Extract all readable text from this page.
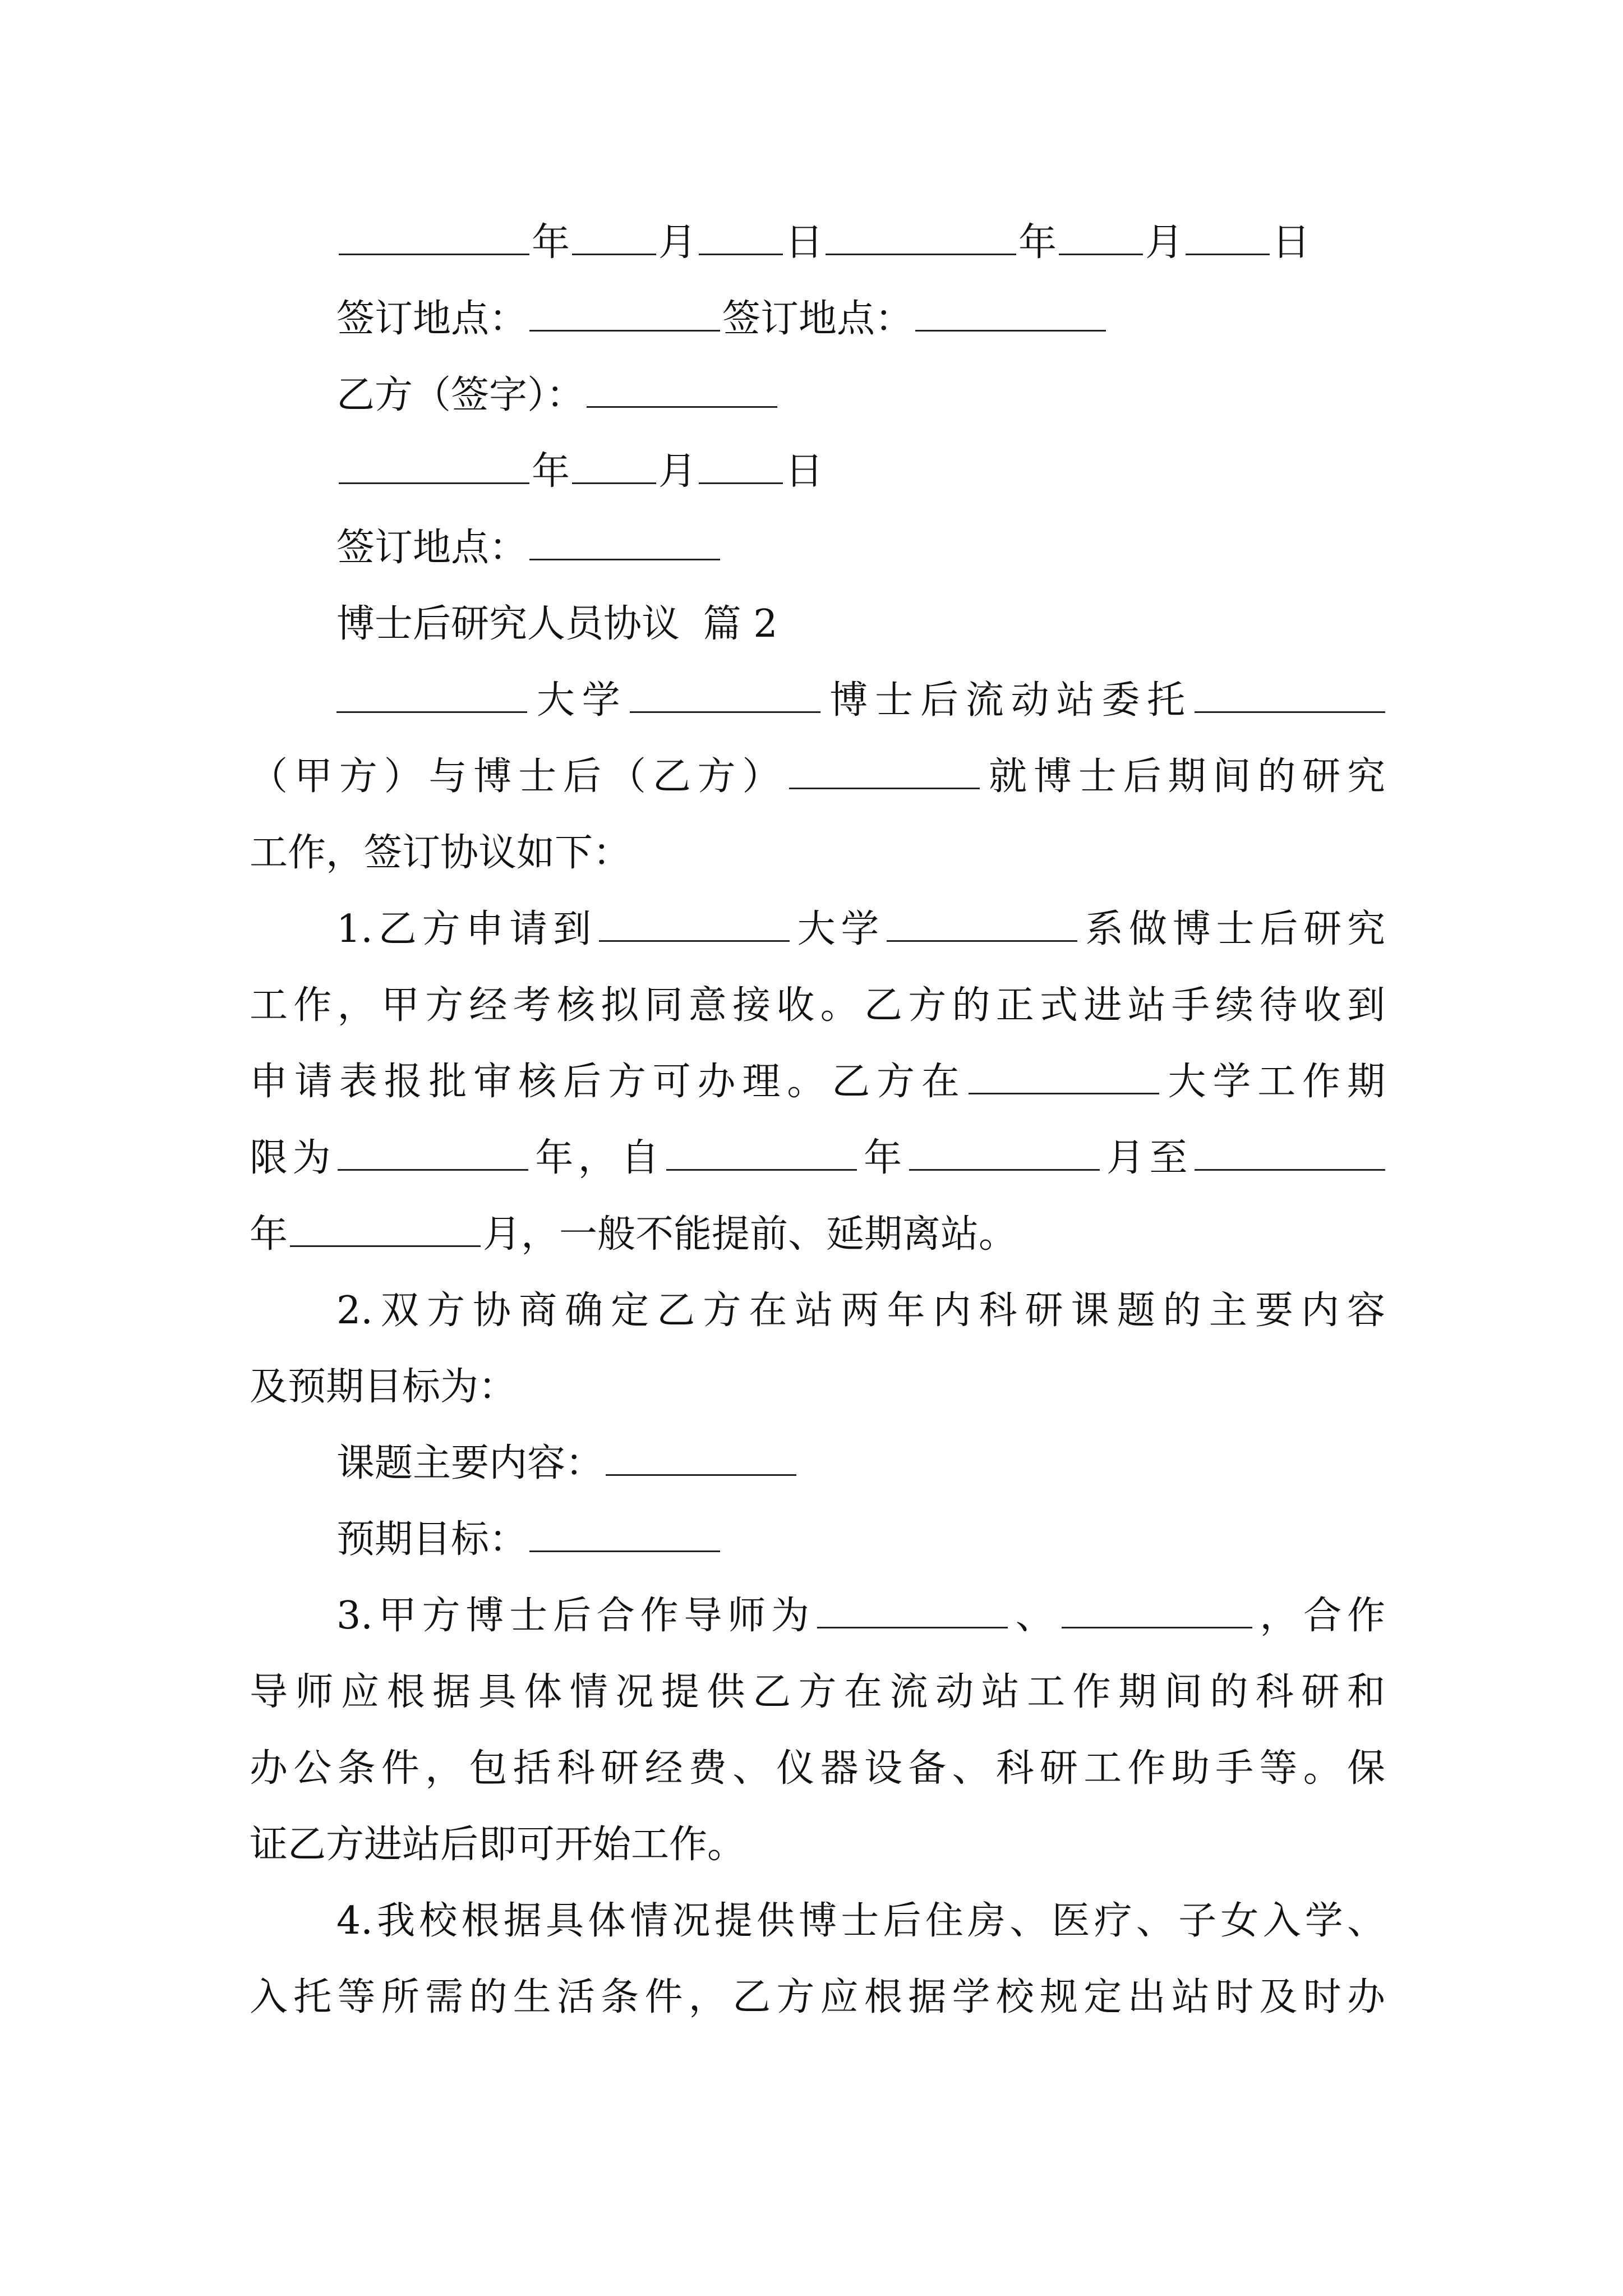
年 月 日	年 月 日
签订地点：	签订地点：
乙方（签字）：
年 月 日
签订地点：
博士后研究人员协议 篇 2
大学	博士后流动站委托
（甲方）与博士后（乙方）	就博士后期间的研究
工作，签订协议如下：
1.乙方申请到	大学	系做博士后研究
工作，甲方经考核拟同意接收。乙方的正式进站手续待收到
申请表报批审核后方可办理。乙方在	大学工作期
限为	年，自	年	月至
年	月，一般不能提前、延期离站。
2.双方协商确定乙方在站两年内科研课题的主要内容
及预期目标为：
课题主要内容：
预期目标：
3.甲方博士后合作导师为	、	，合作
导师应根据具体情况提供乙方在流动站工作期间的科研和
办公条件，包括科研经费、仪器设备、科研工作助手等。保
证乙方进站后即可开始工作。
4.我校根据具体情况提供博士后住房、医疗、子女入学、
入托等所需的生活条件，乙方应根据学校规定出站时及时办
